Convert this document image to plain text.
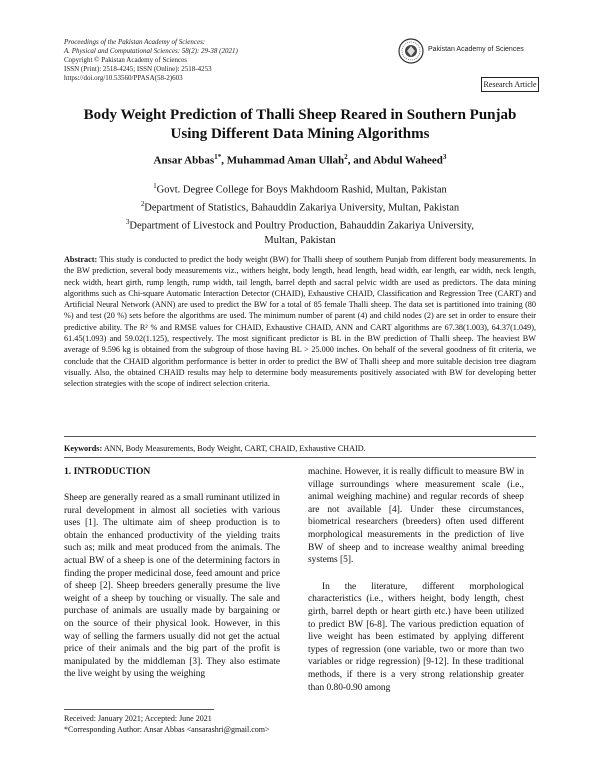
Proceedings of the Pakistan Academy of Sciences:
A. Physical and Computational Sciences: 58(2): 29-38 (2021)
Copyright © Pakistan Academy of Sciences
ISSN (Print): 2518-4245; ISSN (Online): 2518-4253
https://doi.org/10.53560/PPASA(58-2)603
Pakistan Academy of Sciences
Research Article
Body Weight Prediction of Thalli Sheep Reared in Southern Punjab
Using Different Data Mining Algorithms
Ansar Abbas$^{1*}$, Muhammad Aman Ullah$^2$, and Abdul Waheed$^3$
$^1$Govt. Degree College for Boys Makhdoom Rashid, Multan, Pakistan
$^2$Department of Statistics, Bahauddin Zakariya University, Multan, Pakistan
$^3$Department of Livestock and Poultry Production, Bahauddin Zakariya University,
Multan, Pakistan
Abstract: This study is conducted to predict the body weight (BW) for Thalli sheep of southern Punjab from different body measurements. In the BW prediction, several body measurements viz., withers height, body length, head length, head width, ear length, ear width, neck length, neck width, heart girth, rump length, rump width, tail length, barrel depth and sacral pelvic width are used as predictors. The data mining algorithms such as Chi-square Automatic Interaction Detector (CHAID), Exhaustive CHAID, Classification and Regression Tree (CART) and Artificial Neural Network (ANN) are used to predict the BW for a total of 85 female Thalli sheep. The data set is partitioned into training (80 %) and test (20 %) sets before the algorithms are used. The minimum number of parent (4) and child nodes (2) are set in order to ensure their predictive ability. The R² % and RMSE values for CHAID, Exhaustive CHAID, ANN and CART algorithms are 67.38(1.003), 64.37(1.049), 61.45(1.093) and 59.02(1.125), respectively. The most significant predictor is BL in the BW prediction of Thalli sheep. The heaviest BW average of 9.596 kg is obtained from the subgroup of those having BL > 25.000 inches. On behalf of the several goodness of fit criteria, we conclude that the CHAID algorithm performance is better in order to predict the BW of Thalli sheep and more suitable decision tree diagram visually. Also, the obtained CHAID results may help to determine body measurements positively associated with BW for developing better selection strategies with the scope of indirect selection criteria.
Keywords: ANN, Body Measurements, Body Weight, CART, CHAID, Exhaustive CHAID.
1. INTRODUCTION

Sheep are generally reared as a small ruminant utilized in rural development in almost all societies with various uses [1]. The ultimate aim of sheep production is to obtain the enhanced productivity of the yielding traits such as; milk and meat produced from the animals. The actual BW of a sheep is one of the determining factors in finding the proper medicinal dose, feed amount and price of sheep [2]. Sheep breeders generally presume the live weight of a sheep by touching or visually. The sale and purchase of animals are usually made by bargaining or on the source of their physical look. However, in this way of selling the farmers usually did not get the actual price of their animals and the big part of the profit is manipulated by the middleman [3]. They also estimate the live weight by using the weighing

machine. However, it is really difficult to measure BW in village surroundings where measurement scale (i.e., animal weighing machine) and regular records of sheep are not available [4]. Under these circumstances, biometrical researchers (breeders) often used different morphological measurements in the prediction of live BW of sheep and to increase wealthy animal breeding systems [5].

In the literature, different morphological characteristics (i.e., withers height, body length, chest girth, barrel depth or heart girth etc.) have been utilized to predict BW [6-8]. The various prediction equation of live weight has been estimated by applying different types of regression (one variable, two or more than two variables or ridge regression) [9-12]. In these traditional methods, if there is a very strong relationship greater than 0.80-0.90 among

Received: January 2021; Accepted: June 2021
*Corresponding Author: Ansar Abbas <ansarashri@gmail.com>
